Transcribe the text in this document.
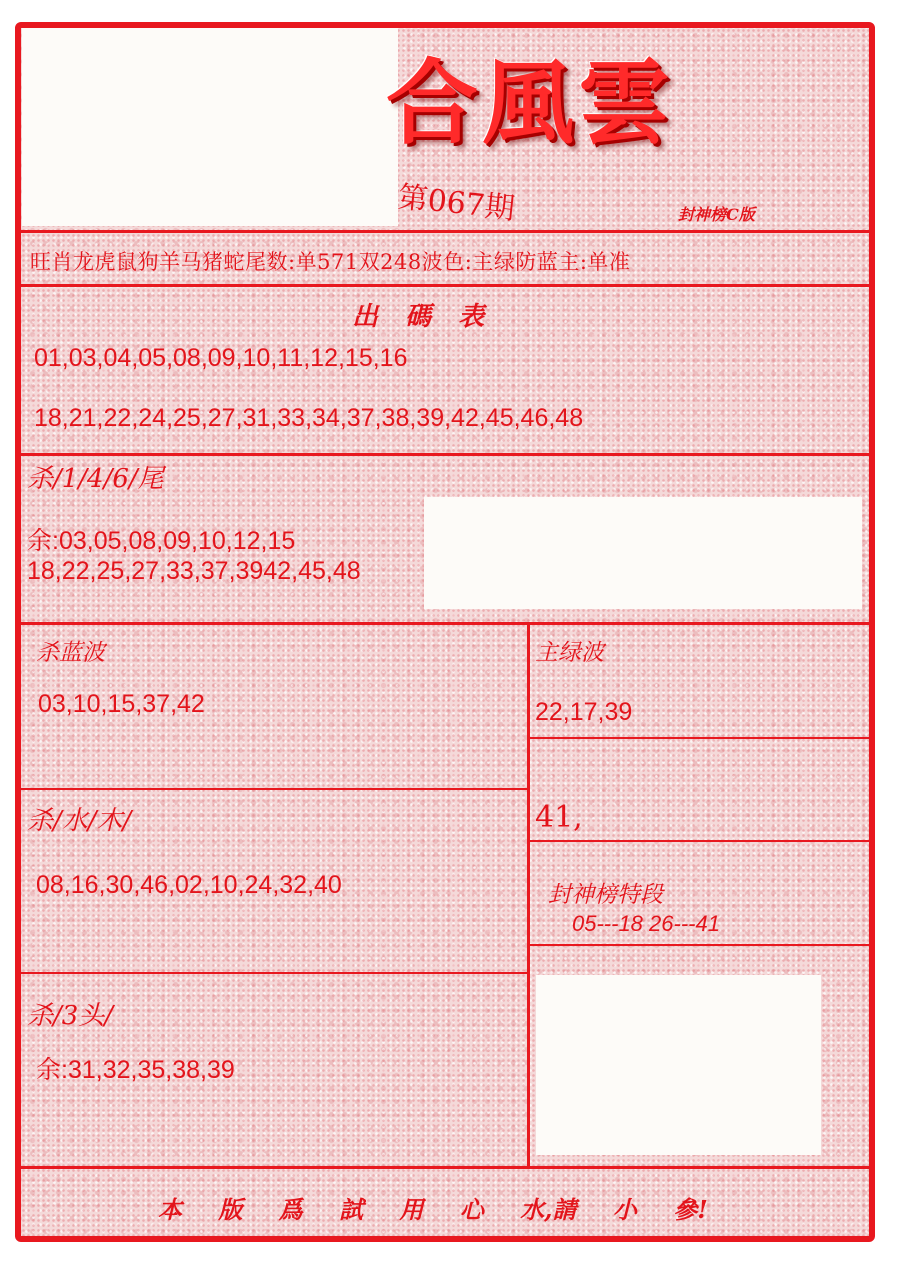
合風雲
第067期	封神榜C版
旺肖龙虎鼠狗羊马猪蛇尾数:单571双248波色:主绿防蓝主:单准
出 碼 表
01,03,04,05,08,09,10,11,12,15,16
18,21,22,24,25,27,31,33,34,37,38,39,42,45,46,48
杀/1/4/6/尾
余:03,05,08,09,10,12,15
18,22,25,27,33,37,3942,45,48
杀蓝波
03,10,15,37,42
主绿波
22,17,39
41,
杀/水/木/
08,16,30,46,02,10,24,32,40	封神榜特段
05---18 26---41
杀/3头/
余:31,32,35,38,39
本 版 爲 試 用 心 水,請 小 參!
